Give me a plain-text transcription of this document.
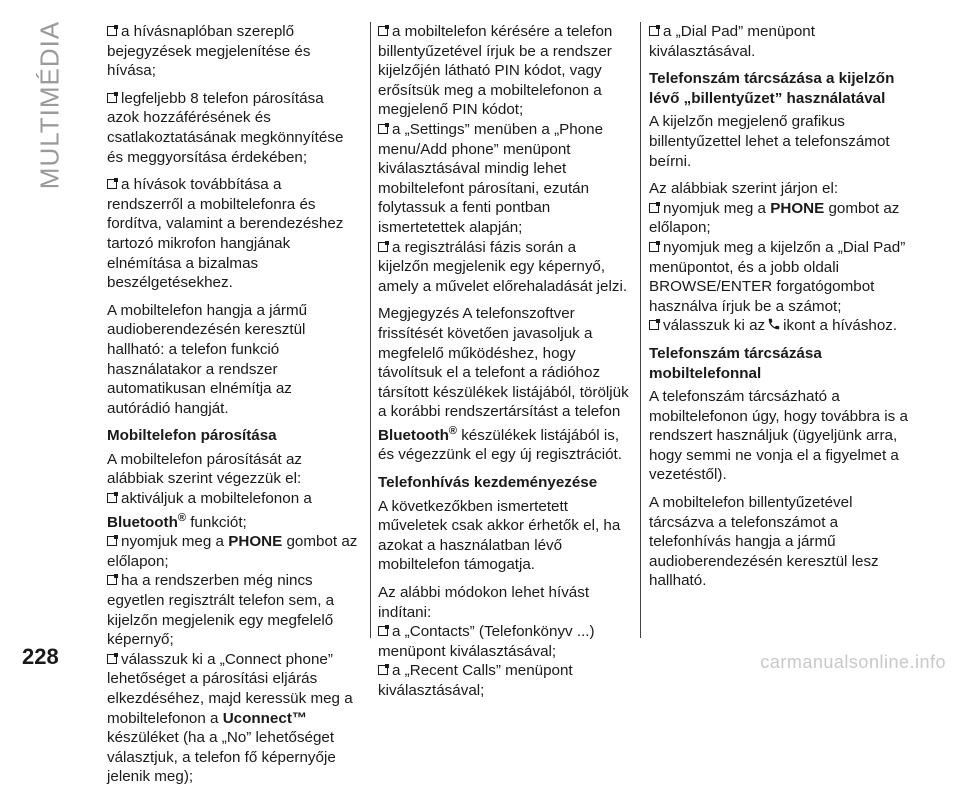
MULTIMÉDIA	a hívásnaplóban szereplő bejegyzések megjelenítése és hívása;

legfeljebb 8 telefon párosítása azok hozzáférésének és csatlakoztatásának megkönnyítése és meggyorsítása érdekében;

a hívások továbbítása a rendszerről a mobiltelefonra és fordítva, valamint a berendezéshez tartozó mikrofon hangjának elnémítása a bizalmas beszélgetésekhez.

A mobiltelefon hangja a jármű audioberendezésén keresztül hallható: a telefon funkció használatakor a rendszer automatikusan elnémítja az autórádió hangját.

Mobiltelefon párosítása

A mobiltelefon párosítását az alábbiak szerint végezzük el:

aktiváljuk a mobiltelefonon a Bluetooth® funkciót;
nyomjuk meg a PHONE gombot az előlapon;
ha a rendszerben még nincs egyetlen regisztrált telefon sem, a kijelzőn megjelenik egy megfelelő képernyő;
válasszuk ki a „Connect phone” lehetőséget a párosítási eljárás elkezdéséhez, majd keressük meg a mobiltelefonon a Uconnect™ készüléket (ha a „No” lehetőséget választjuk, a telefon fő képernyője jelenik meg);
a mobiltelefon kérésére a telefon billentyűzetével írjuk be a rendszer kijelzőjén látható PIN kódot, vagy erősítsük meg a mobiltelefonon a megjelenő PIN kódot;
a „Settings” menüben a „Phone menu/Add phone” menüpont kiválasztásával mindig lehet mobiltelefont párosítani, ezután folytassuk a fenti pontban ismertetettek alapján;

a regisztrálási fázis során a kijelzőn megjelenik egy képernyő, amely a művelet előrehaladását jelzi.

Megjegyzés A telefonszoftver frissítését követően javasoljuk a megfelelő működéshez, hogy távolítsuk el a telefont a rádióhoz társított készülékek listájából, töröljük a korábbi rendszertársítást a telefon Bluetooth® készülékek listájából is, és végezzünk el egy új regisztrációt.

Telefonhívás kezdeményezése

A következőkben ismertetett műveletek csak akkor érhetők el, ha azokat a használatban lévő mobiltelefon támogatja.

Az alábbi módokon lehet hívást indítani:

a „Contacts” (Telefonkönyv ...) menüpont kiválasztásával;
a „Recent Calls” menüpont kiválasztásával;

a „Dial Pad” menüpont kiválasztásával.

Telefonszám tárcsázása a kijelzőn lévő „billentyűzet” használatával

A kijelzőn megjelenő grafikus billentyűzettel lehet a telefonszámot beírni.

Az alábbiak szerint járjon el:

nyomjuk meg a PHONE gombot az előlapon;
nyomjuk meg a kijelzőn a „Dial Pad” menüpontot, és a jobb oldali BROWSE/ENTER forgatógombot használva írjuk be a számot;

válasszuk ki az ikont a híváshoz.

Telefonszám tárcsázása mobiltelefonnal

A telefonszám tárcsázható a mobiltelefonon úgy, hogy továbbra is a rendszert használjuk (ügyeljünk arra, hogy semmi ne vonja el a figyelmet a vezetéstől).

A mobiltelefon billentyűzetével tárcsázva a telefonszámot a telefonhívás hangja a jármű audioberendezésén keresztül lesz hallható.

228	carmanualsonline.info
